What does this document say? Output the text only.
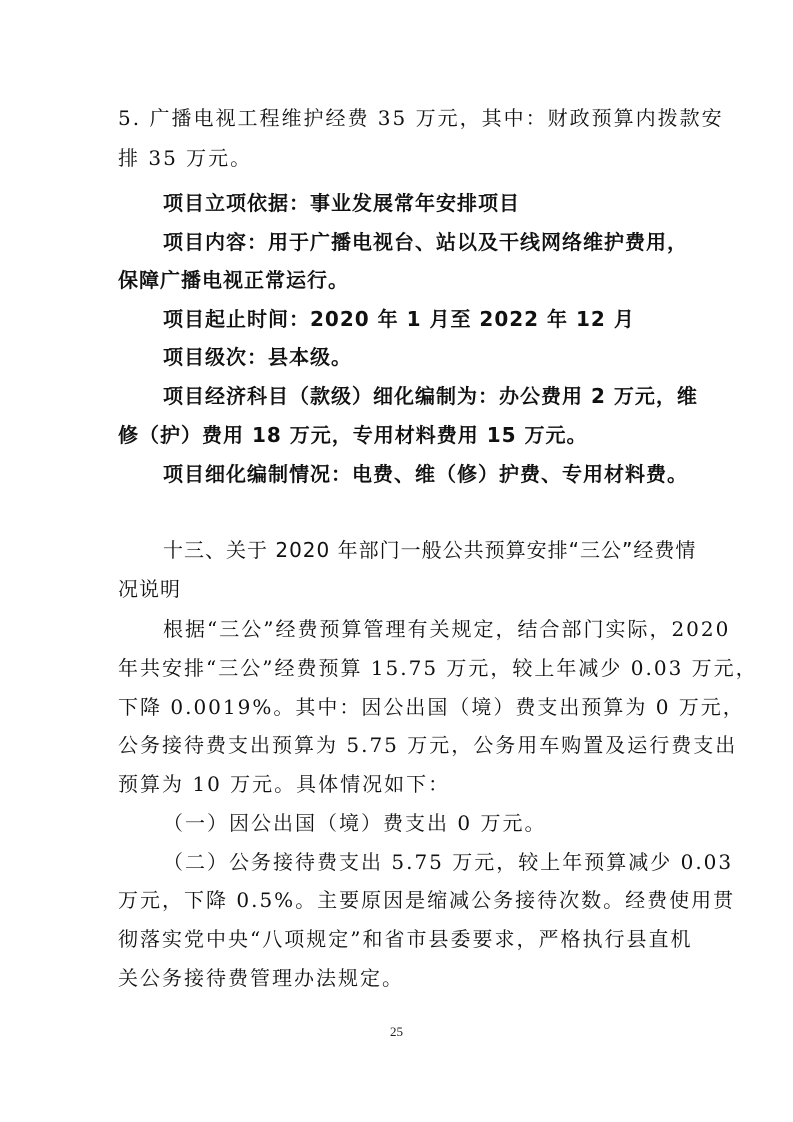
5. 广播电视工程维护经费 35 万元，其中：财政预算内拨款安
排 35 万元。
项目立项依据：事业发展常年安排项目
项目内容：用于广播电视台、站以及干线网络维护费用，
保障广播电视正常运行。
项目起止时间：2020 年 1 月至 2022 年 12 月
项目级次：县本级。
项目经济科目（款级）细化编制为：办公费用 2 万元，维
修（护）费用 18 万元，专用材料费用 15 万元。
项目细化编制情况：电费、维（修）护费、专用材料费。
十三、关于 2020 年部门一般公共预算安排“三公”经费情
况说明
根据“三公”经费预算管理有关规定，结合部门实际，2020
年共安排“三公”经费预算 15.75 万元，较上年减少 0.03 万元，
下降 0.0019%。其中：因公出国（境）费支出预算为 0 万元，
公务接待费支出预算为 5.75 万元，公务用车购置及运行费支出
预算为 10 万元。具体情况如下：
（一）因公出国（境）费支出 0 万元。
（二）公务接待费支出 5.75 万元，较上年预算减少 0.03
万元，下降 0.5%。主要原因是缩减公务接待次数。经费使用贯
彻落实党中央“八项规定”和省市县委要求，严格执行县直机
关公务接待费管理办法规定。
25
